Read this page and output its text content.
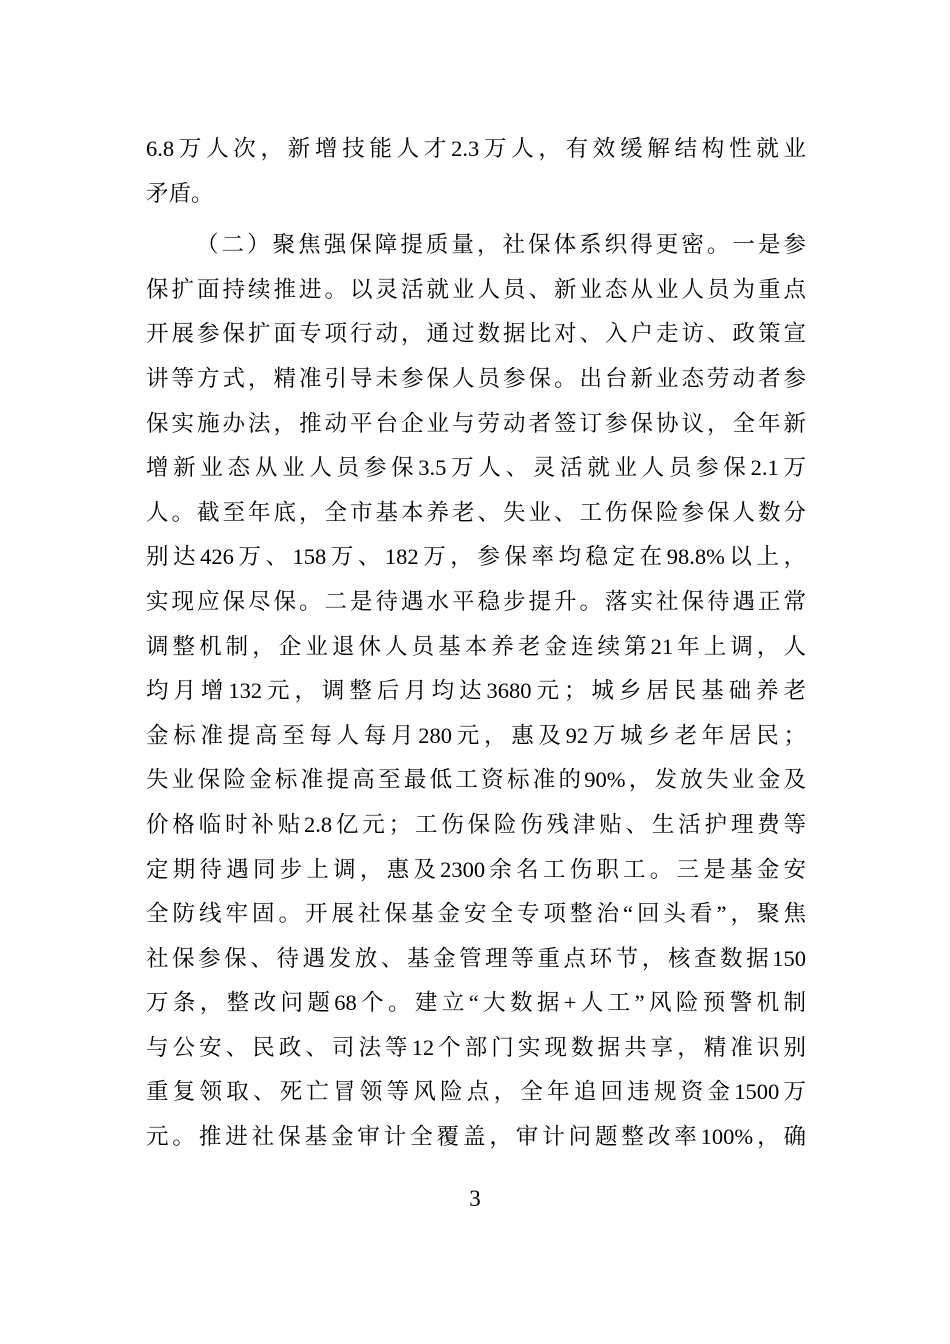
6.8万人次，新增技能人才2.3万人，有效缓解结构性就业
矛盾。
（二）聚焦强保障提质量，社保体系织得更密。一是参
保扩面持续推进。以灵活就业人员、新业态从业人员为重点
开展参保扩面专项行动，通过数据比对、入户走访、政策宣
讲等方式，精准引导未参保人员参保。出台新业态劳动者参
保实施办法，推动平台企业与劳动者签订参保协议，全年新
增新业态从业人员参保3.5万人、灵活就业人员参保2.1万
人。截至年底，全市基本养老、失业、工伤保险参保人数分
别达426万、158万、182万，参保率均稳定在98.8%以上，
实现应保尽保。二是待遇水平稳步提升。落实社保待遇正常
调整机制，企业退休人员基本养老金连续第21年上调，人
均月增132元，调整后月均达3680元；城乡居民基础养老
金标准提高至每人每月280元，惠及92万城乡老年居民；
失业保险金标准提高至最低工资标准的90%，发放失业金及
价格临时补贴2.8亿元；工伤保险伤残津贴、生活护理费等
定期待遇同步上调，惠及2300余名工伤职工。三是基金安
全防线牢固。开展社保基金安全专项整治“回头看”，聚焦
社保参保、待遇发放、基金管理等重点环节，核查数据150
万条，整改问题68个。建立“大数据+人工”风险预警机制
与公安、民政、司法等12个部门实现数据共享，精准识别
重复领取、死亡冒领等风险点，全年追回违规资金1500万
元。推进社保基金审计全覆盖，审计问题整改率100%，确
3
